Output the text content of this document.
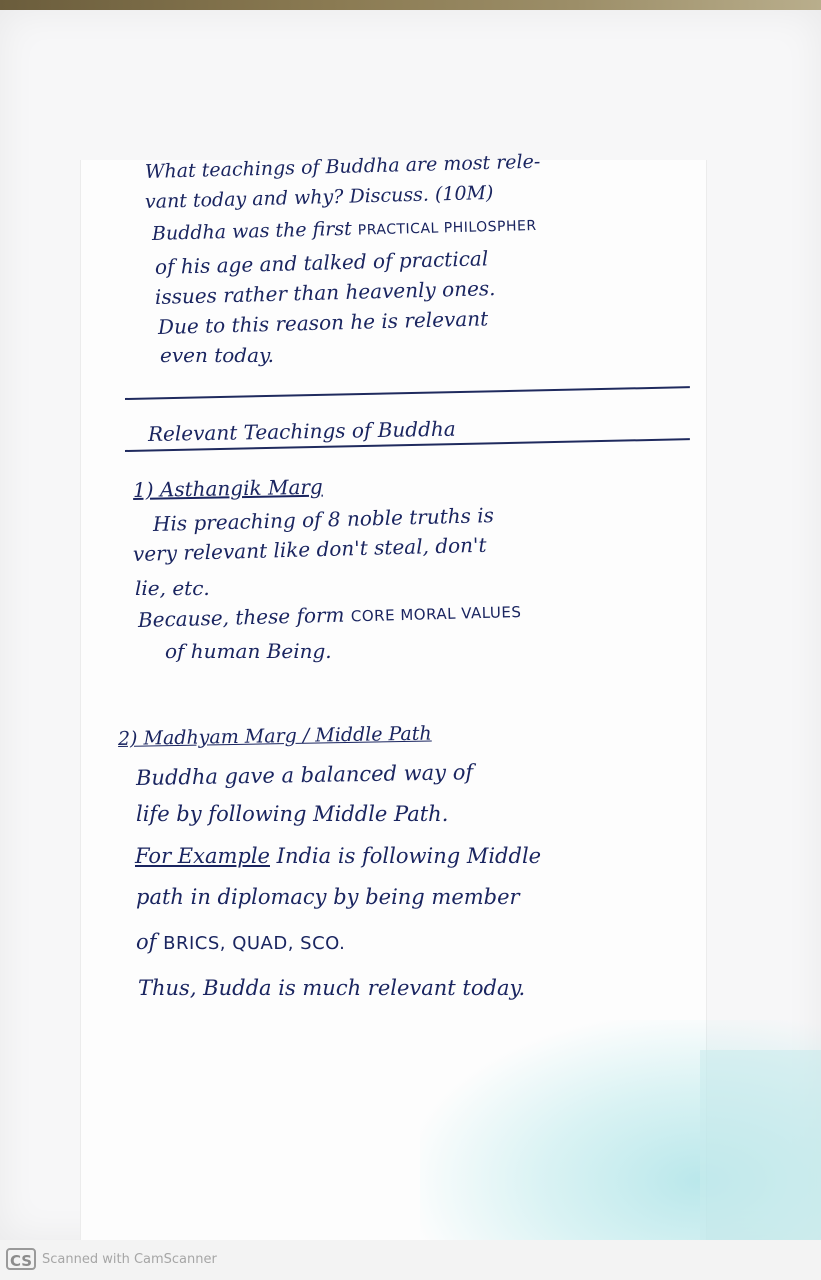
What teachings of Buddha are most rele-

vant today and why? Discuss. (10M)

Buddha was the first PRACTICAL PHILOSPHER

of his age and talked of practical

issues rather than heavenly ones.

Due to this reason he is relevant

even today.

Relevant Teachings of Buddha

1) Asthangik Marg

His preaching of 8 noble truths is

very relevant like don't steal, don't

lie, etc.

Because, these form CORE MORAL VALUES

of human Being.

2) Madhyam Marg / Middle Path

Buddha gave a balanced way of

life by following Middle Path.

For Example India is following Middle

path in diplomacy by being member

of BRICS, QUAD, SCO.

Thus, Budda is much relevant today.

CS Scanned with CamScanner
